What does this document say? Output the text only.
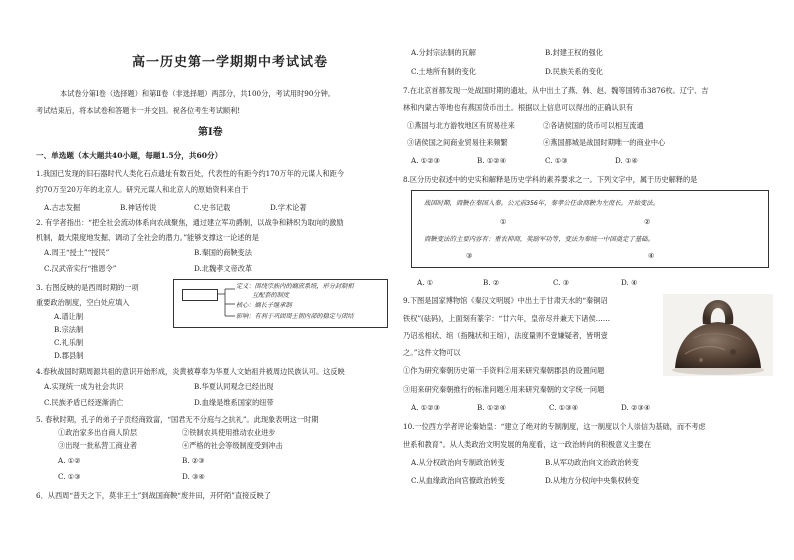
高一历史第一学期期中考试试卷
本试卷分第Ⅰ卷（选择题）和第Ⅱ卷（非选择题）两部分，共100分，考试用时90分钟。
考试结束后，将本试卷和答题卡一并交回。祝各位考生考试顺利!
第Ⅰ卷
一、单选题（本大题共40小题，每题1.5分，共60分）
1.我国已发现的旧石器时代人类化石点遗址有数百处，代表性的有距今约170万年的元谋人和距今
约70万至20万年的北京人。研究元谋人和北京人的原始资料来自于
A.古志发掘	B.神话传说	C.史书记载	D.学术论著
2. 有学者指出：“把全社会流动体系向农战聚焦，通过建立军功爵制，以战争和耕织为取向的激励
机制，最大限度地发掘、调动了全社会的潜力。”能够支撑这一论述的是
A.周王“授土”“授民”	B.秦国的商鞅变法
C.汉武帝实行“推恩令”	D.北魏孝文帝改革
3. 右图反映的是西周时期的一项
重要政治制度，空白处应填入
A.谱让制
B.宗法制
C.礼乐制
D.郡县制
定义：围绕宗族内的嫡庶系统，形分封制相
互配套的制度
核心：嫡长子继承制
影响：有利于巩固周王朝内部的稳定与团结
4.春秋战国时期周源共祖的意识开始形成，炎黄被尊奉为华夏人文始祖并被周边民族认可。这反映
A.实现统一成为社会共识	B.华夏认同观念已经出现
C.民族矛盾已经逐渐消亡	D.血缘是维系国家的纽带
5. 春秋时期，孔子的弟子子贡经商致富，“国君无不分庭与之抗礼”。此现象表明这一时期
①政治家多出自商人阶层	②铁制农具使用推动农业进步
③出现一批私营工商业者	④严格的社会等级制度受到冲击
A. ①②	B. ②③
C. ①③	D. ③④
6．从西周“普天之下，莫非王土”到战国商鞅“废井田，开阡陌”直接反映了
A.分封宗法制的瓦解	B.封建王权的强化
C.土地所有制的变化	D.民族关系的变化
7.在北京首都发现一处战国时期的遗址，从中出土了燕、韩、赵、魏等国铸币3876枚。辽宁、吉
林和内蒙古等地也有燕国货币出土。根据以上信息可以得出的正确认识有
①燕国与北方游牧地区有贸易往来	②各诸侯国的货币可以相互流通
③诸侯国之间商业贸易往来频繁	④燕国都城是战国时期唯一的商业中心
A. ①②③	B. ①②④	C. ①③	D. ①④
8.区分历史叙述中的史实和解释是历史学科的素养要求之一。下列文字中，属于历史解释的是
战国时期，商鞅在秦国入秦。公元前356年，秦孝公任命商鞅为左庶长，开始变法。
①	②
商鞅变法的主要内容有：重农抑商，奖励军功等，变法为秦统一中国奠定了基础。
③	④
A. ①	B. ②	C. ③	D. ④
9.下图是国家博物馆《秦汉文明展》中出土于甘肃天水的“秦铜诏
铁权”(砝码)，上面刻有篆字：“廿六年，皇帝尽并兼天下诸侯……
乃诏丞相状、绾（指隗状和王绾），法度量则不壹嫌疑者，皆明壹
之。”这件文物可以
①作为研究秦朝历史第一手资料②用来研究秦朝郡县的设置问题
③用来研究秦朝推行的标准问题④用来研究秦朝的文字统一问题
A. ①②③	B. ①②④	C. ①③④	D. ②③④
10.一位西方学者评论秦始皇：“建立了绝对的专制制度，这一制度以个人崇信为基础，而不考虑
世系和教育”。从人类政治文明发展的角度看，这一政治转向的积极意义主要在
A.从分权政治向专制政治转变	B.从军功政治向文治政治转变
C.从血缘政治向官僚政治转变	D.从地方分权向中央集权转变
